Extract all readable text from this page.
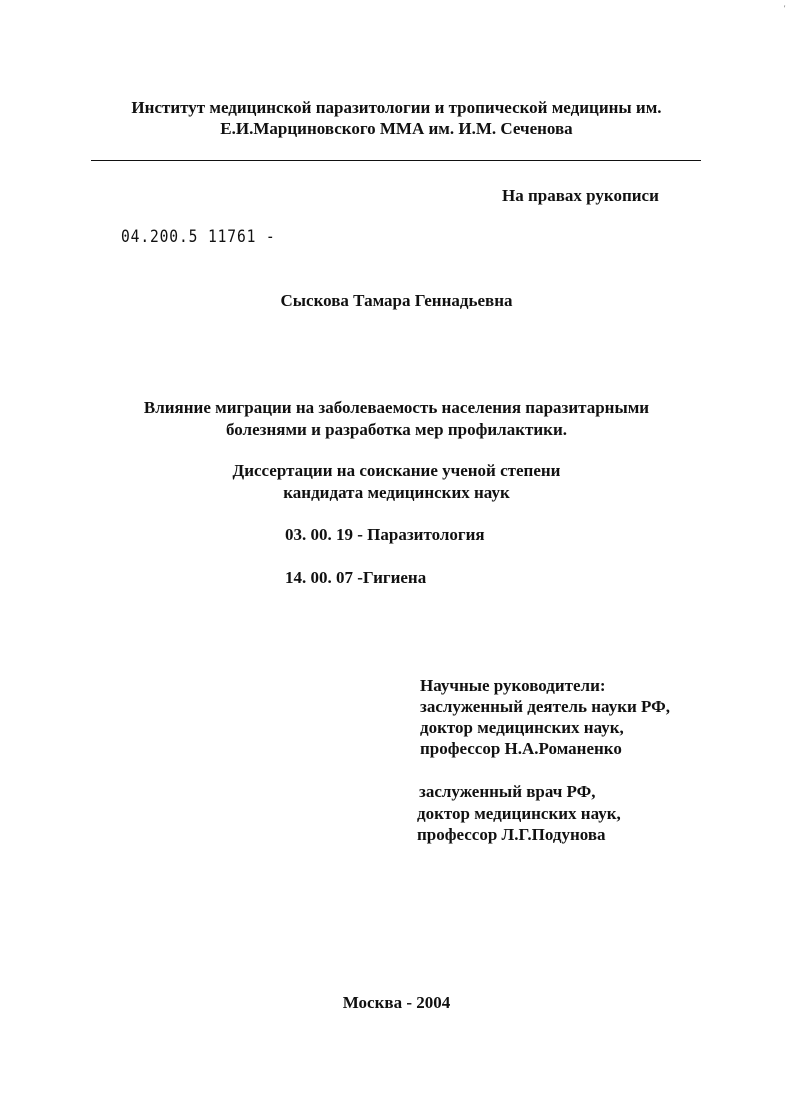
'
Институт медицинской паразитологии и тропической медицины им.
Е.И.Марциновского ММА им. И.М. Сеченова
На правах рукописи
04.200.5 11761 -
Сыскова Тамара Геннадьевна
Влияние миграции на заболеваемость населения паразитарными
болезнями и разработка мер профилактики.
Диссертации на соискание ученой степени
кандидата медицинских наук
03. 00. 19 - Паразитология
14. 00. 07 -Гигиена
Научные руководители:
заслуженный деятель науки РФ,
доктор медицинских наук,
профессор Н.А.Романенко
заслуженный врач РФ,
доктор медицинских наук,
профессор Л.Г.Подунова
Москва - 2004
